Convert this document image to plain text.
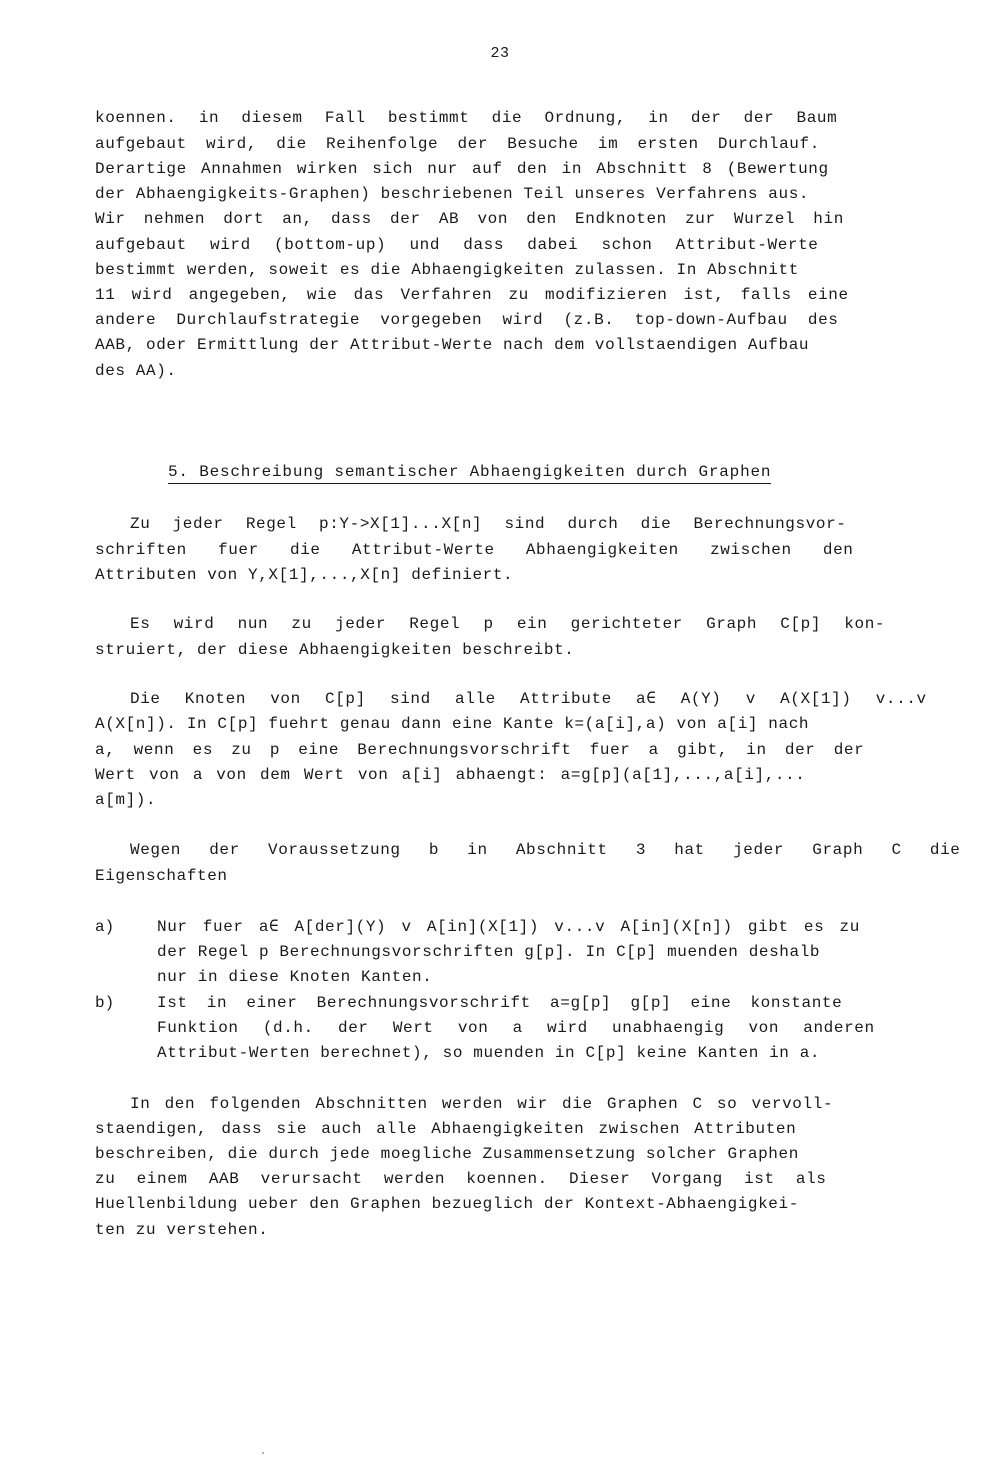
23
koennen. in diesem Fall bestimmt die Ordnung, in der der Baum
aufgebaut wird, die Reihenfolge der Besuche im ersten Durchlauf.
Derartige Annahmen wirken sich nur auf den in Abschnitt 8 (Bewertung
der Abhaengigkeits-Graphen) beschriebenen Teil unseres Verfahrens aus.
Wir nehmen dort an, dass der AB von den Endknoten zur Wurzel hin
aufgebaut wird (bottom-up) und dass dabei schon Attribut-Werte
bestimmt werden, soweit es die Abhaengigkeiten zulassen. In Abschnitt
11 wird angegeben, wie das Verfahren zu modifizieren ist, falls eine
andere Durchlaufstrategie vorgegeben wird (z.B. top-down-Aufbau des
AAB, oder Ermittlung der Attribut-Werte nach dem vollstaendigen Aufbau
des AA).
5. Beschreibung semantischer Abhaengigkeiten durch Graphen
Zu jeder Regel p:Y->X[1]...X[n] sind durch die Berechnungsvor-
schriften fuer die Attribut-Werte Abhaengigkeiten zwischen den
Attributen von Y,X[1],...,X[n] definiert.
Es wird nun zu jeder Regel p ein gerichteter Graph C[p] kon-
struiert, der diese Abhaengigkeiten beschreibt.
Die Knoten von C[p] sind alle Attribute a∈ A(Y) v A(X[1]) v...v
A(X[n]). In C[p] fuehrt genau dann eine Kante k=(a[i],a) von a[i] nach
a, wenn es zu p eine Berechnungsvorschrift fuer a gibt, in der der
Wert von a von dem Wert von a[i] abhaengt: a=g[p](a[1],...,a[i],...
a[m]).
Wegen der Voraussetzung b in Abschnitt 3 hat jeder Graph C die
Eigenschaften
a)	Nur fuer a∈ A[der](Y) v A[in](X[1]) v...v A[in](X[n]) gibt es zu
der Regel p Berechnungsvorschriften g[p]. In C[p] muenden deshalb
nur in diese Knoten Kanten.
b)	Ist in einer Berechnungsvorschrift a=g[p] g[p] eine konstante
Funktion (d.h. der Wert von a wird unabhaengig von anderen
Attribut-Werten berechnet), so muenden in C[p] keine Kanten in a.
In den folgenden Abschnitten werden wir die Graphen C so vervoll-
staendigen, dass sie auch alle Abhaengigkeiten zwischen Attributen
beschreiben, die durch jede moegliche Zusammensetzung solcher Graphen
zu einem AAB verursacht werden koennen. Dieser Vorgang ist als
Huellenbildung ueber den Graphen bezueglich der Kontext-Abhaengigkei-
ten zu verstehen.
